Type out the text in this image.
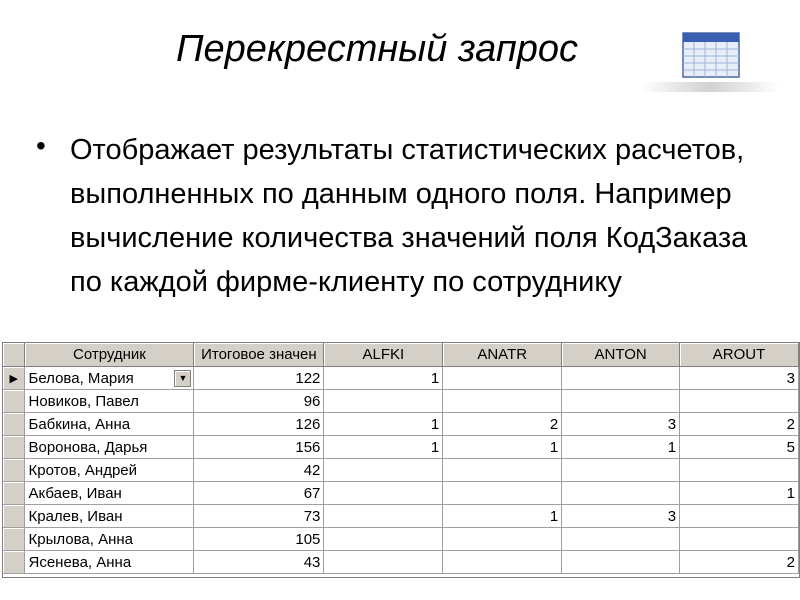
Перекрестный запрос
• Отображает результаты статистических расчетов, выполненных по данным одного поля. Например вычисление количества значений поля КодЗаказа по каждой фирме-клиенту по сотруднику
	Сотрудник	Итоговое значен	ALFKI	ANATR	ANTON	AROUT
▶	Белова, Мария ▼	122	1			3
	Новиков, Павел	96				
	Бабкина, Анна	126	1	2	3	2
	Воронова, Дарья	156	1	1	1	5
	Кротов, Андрей	42				
	Акбаев, Иван	67				1
	Кралев, Иван	73		1	3	
	Крылова, Анна	105				
	Ясенева, Анна	43				2
